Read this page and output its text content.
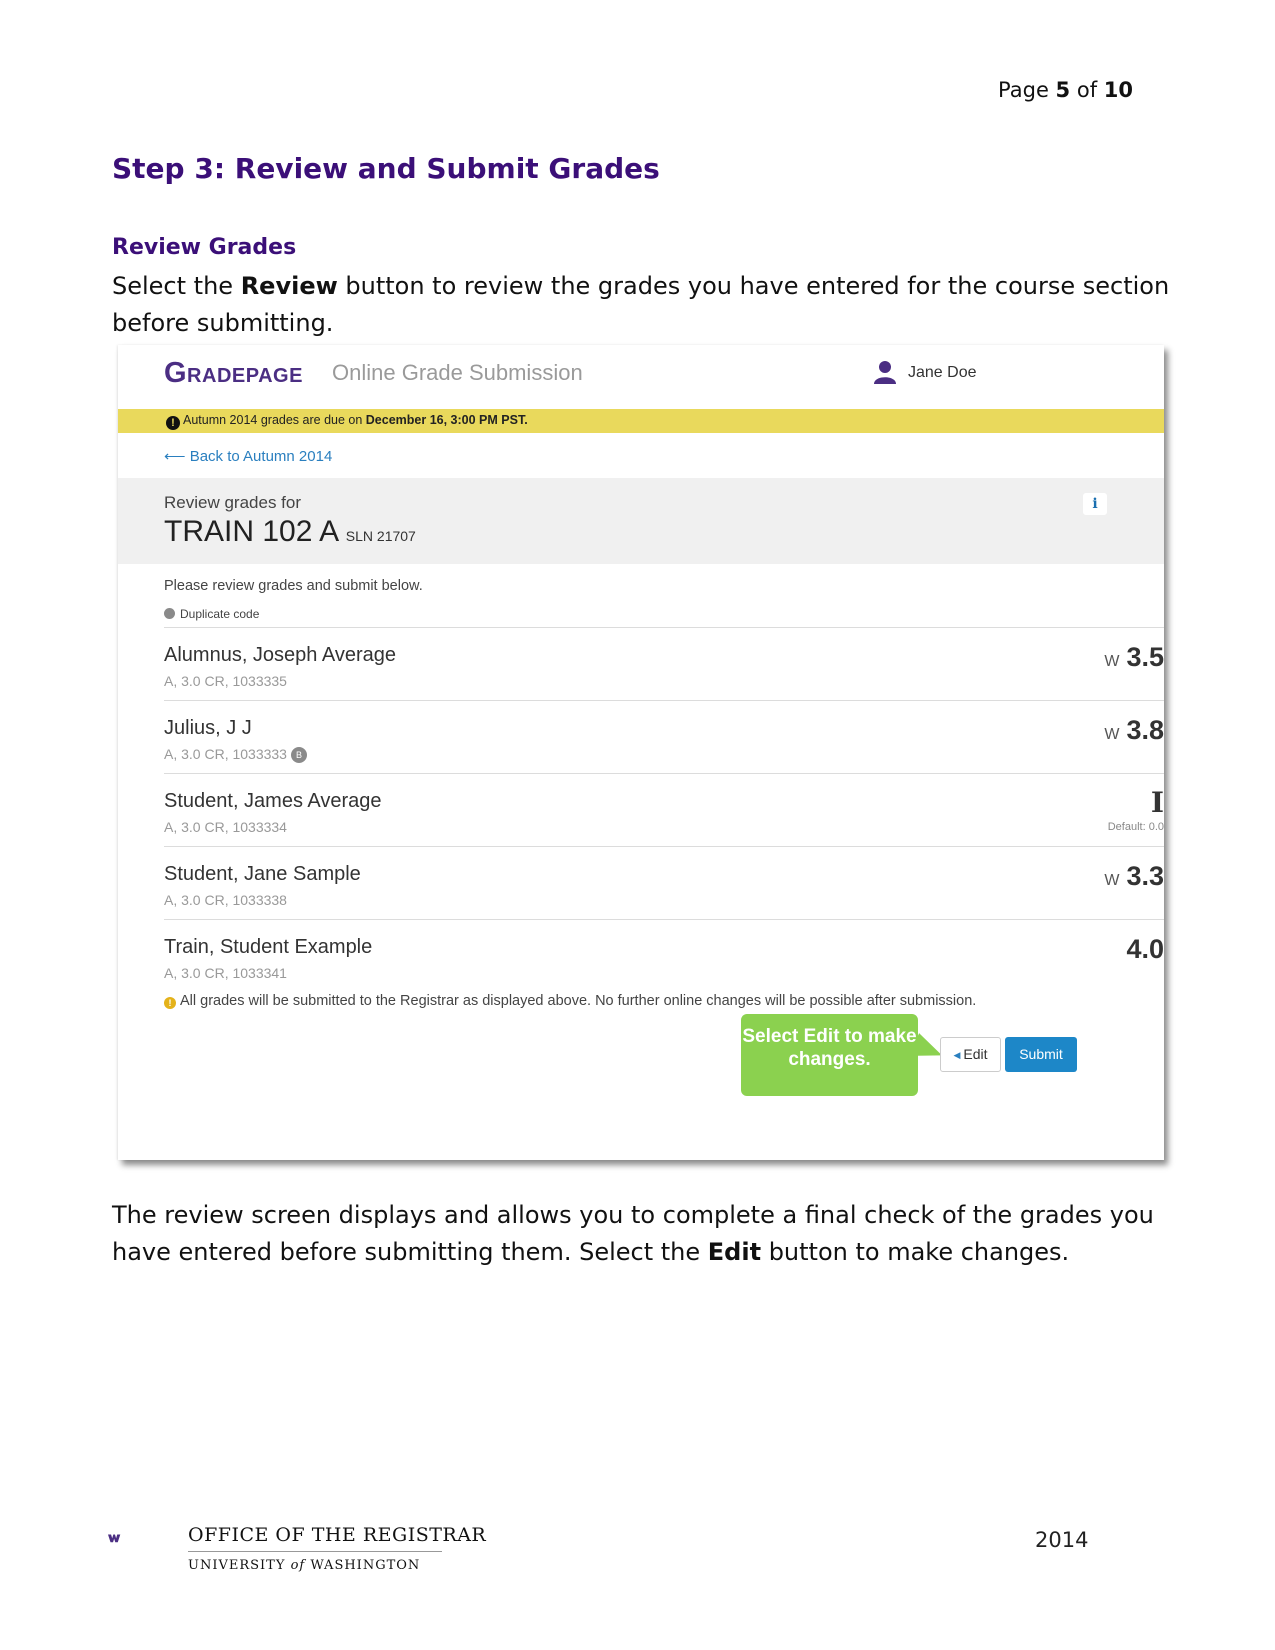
Page 5 of 10
Step 3: Review and Submit Grades
Review Grades

Select the Review button to review the grades you have entered for the course section before submitting.

Gradepage Online Grade Submission	Jane Doe
! Autumn 2014 grades are due on December 16, 3:00 PM PST.
⟵ Back to Autumn 2014
Review grades for
TRAIN 102 A SLN 21707
i
Please review grades and submit below.
Duplicate code
Alumnus, Joseph Average
A, 3.0 CR, 1033335
W 3.5
Julius, J J
A, 3.0 CR, 1033333 B
W 3.8
Student, James Average
A, 3.0 CR, 1033334
I
Default: 0.0
Student, Jane Sample
A, 3.0 CR, 1033338
W 3.3
Train, Student Example
A, 3.0 CR, 1033341
4.0
! All grades will be submitted to the Registrar as displayed above. No further online changes will be possible after submission.
Select Edit to make changes.	◀ Edit	Submit

The review screen displays and allows you to complete a final check of the grades you have entered before submitting them. Select the Edit button to make changes.

OFFICE OF THE REGISTRAR
UNIVERSITY of WASHINGTON
2014
